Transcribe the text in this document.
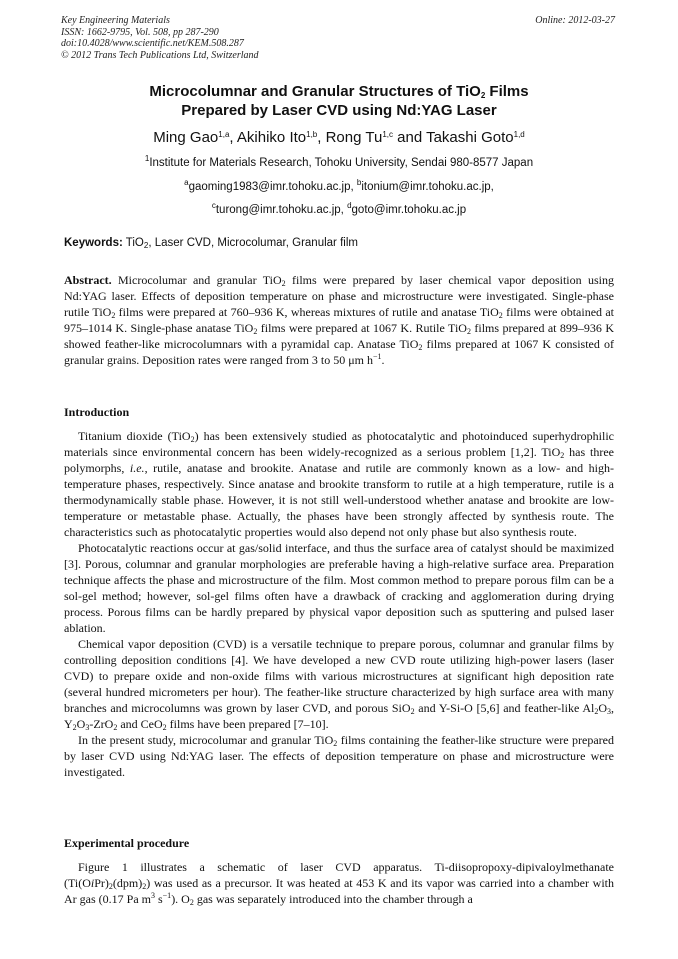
Key Engineering Materials
ISSN: 1662-9795, Vol. 508, pp 287-290
doi:10.4028/www.scientific.net/KEM.508.287
© 2012 Trans Tech Publications Ltd, Switzerland
Online: 2012-03-27
Microcolumnar and Granular Structures of TiO$_2$ Films
Prepared by Laser CVD using Nd:YAG Laser
Ming Gao$^{1,a}$, Akihiko Ito$^{1,b}$, Rong Tu$^{1,c}$ and Takashi Goto$^{1,d}$
$^1$Institute for Materials Research, Tohoku University, Sendai 980-8577 Japan
$^a$gaoming1983@imr.tohoku.ac.jp, $^b$itonium@imr.tohoku.ac.jp,
$^c$turong@imr.tohoku.ac.jp, $^d$goto@imr.tohoku.ac.jp
Keywords: TiO$_2$, Laser CVD, Microcolumar, Granular film

Abstract. Microcolumar and granular TiO$_2$ films were prepared by laser chemical vapor deposition using Nd:YAG laser. Effects of deposition temperature on phase and microstructure were investigated. Single-phase rutile TiO$_2$ films were prepared at 760–936 K, whereas mixtures of rutile and anatase TiO$_2$ films were obtained at 975–1014 K. Single-phase anatase TiO$_2$ films were prepared at 1067 K. Rutile TiO$_2$ films prepared at 899–936 K showed feather-like microcolumnars with a pyramidal cap. Anatase TiO$_2$ films prepared at 1067 K consisted of granular grains. Deposition rates were ranged from 3 to 50 μm $h^{-1}$.

Introduction

Titanium dioxide (TiO$_2$) has been extensively studied as photocatalytic and photoinduced superhydrophilic materials since environmental concern has been widely-recognized as a serious problem [1,2]. TiO$_2$ has three polymorphs, i.e., rutile, anatase and brookite. Anatase and rutile are commonly known as a low- and high-temperature phases, respectively. Since anatase and brookite transform to rutile at a high temperature, rutile is a thermodynamically stable phase. However, it is not still well-understood whether anatase and brookite are low-temperature or metastable phase. Actually, the phases have been strongly affected by synthesis route. The characteristics such as photocatalytic properties would also depend not only phase but also synthesis route.

Photocatalytic reactions occur at gas/solid interface, and thus the surface area of catalyst should be maximized [3]. Porous, columnar and granular morphologies are preferable having a high-relative surface area. Preparation technique affects the phase and microstructure of the film. Most common method to prepare porous film can be a sol-gel method; however, sol-gel films often have a drawback of cracking and agglomeration during drying process. Porous films can be hardly prepared by physical vapor deposition such as sputtering and pulsed laser ablation.

Chemical vapor deposition (CVD) is a versatile technique to prepare porous, columnar and granular films by controlling deposition conditions [4]. We have developed a new CVD route utilizing high-power lasers (laser CVD) to prepare oxide and non-oxide films with various microstructures at significant high deposition rate (several hundred micrometers per hour). The feather-like structure characterized by high surface area with many branches and microcolumns was grown by laser CVD, and porous SiO$_2$ and Y-Si-O [5,6] and feather-like $Al_2O_3$, $Y_2O_3-ZrO_2$ and CeO$_2$ films have been prepared [7–10].

In the present study, microcolumar and granular TiO$_2$ films containing the feather-like structure were prepared by laser CVD using Nd:YAG laser. The effects of deposition temperature on phase and microstructure were investigated.

Experimental procedure

Figure 1 illustrates a schematic of laser CVD apparatus. Ti-diisopropoxy-dipivaloylmethanate $(Ti(OiPr)_2(dpm)_2)$ was used as a precursor. It was heated at 453 K and its vapor was carried into a chamber with Ar gas (0.17 Pa $m^3$ $s^{-1}$). $O_2$ gas was separately introduced into the chamber through a
